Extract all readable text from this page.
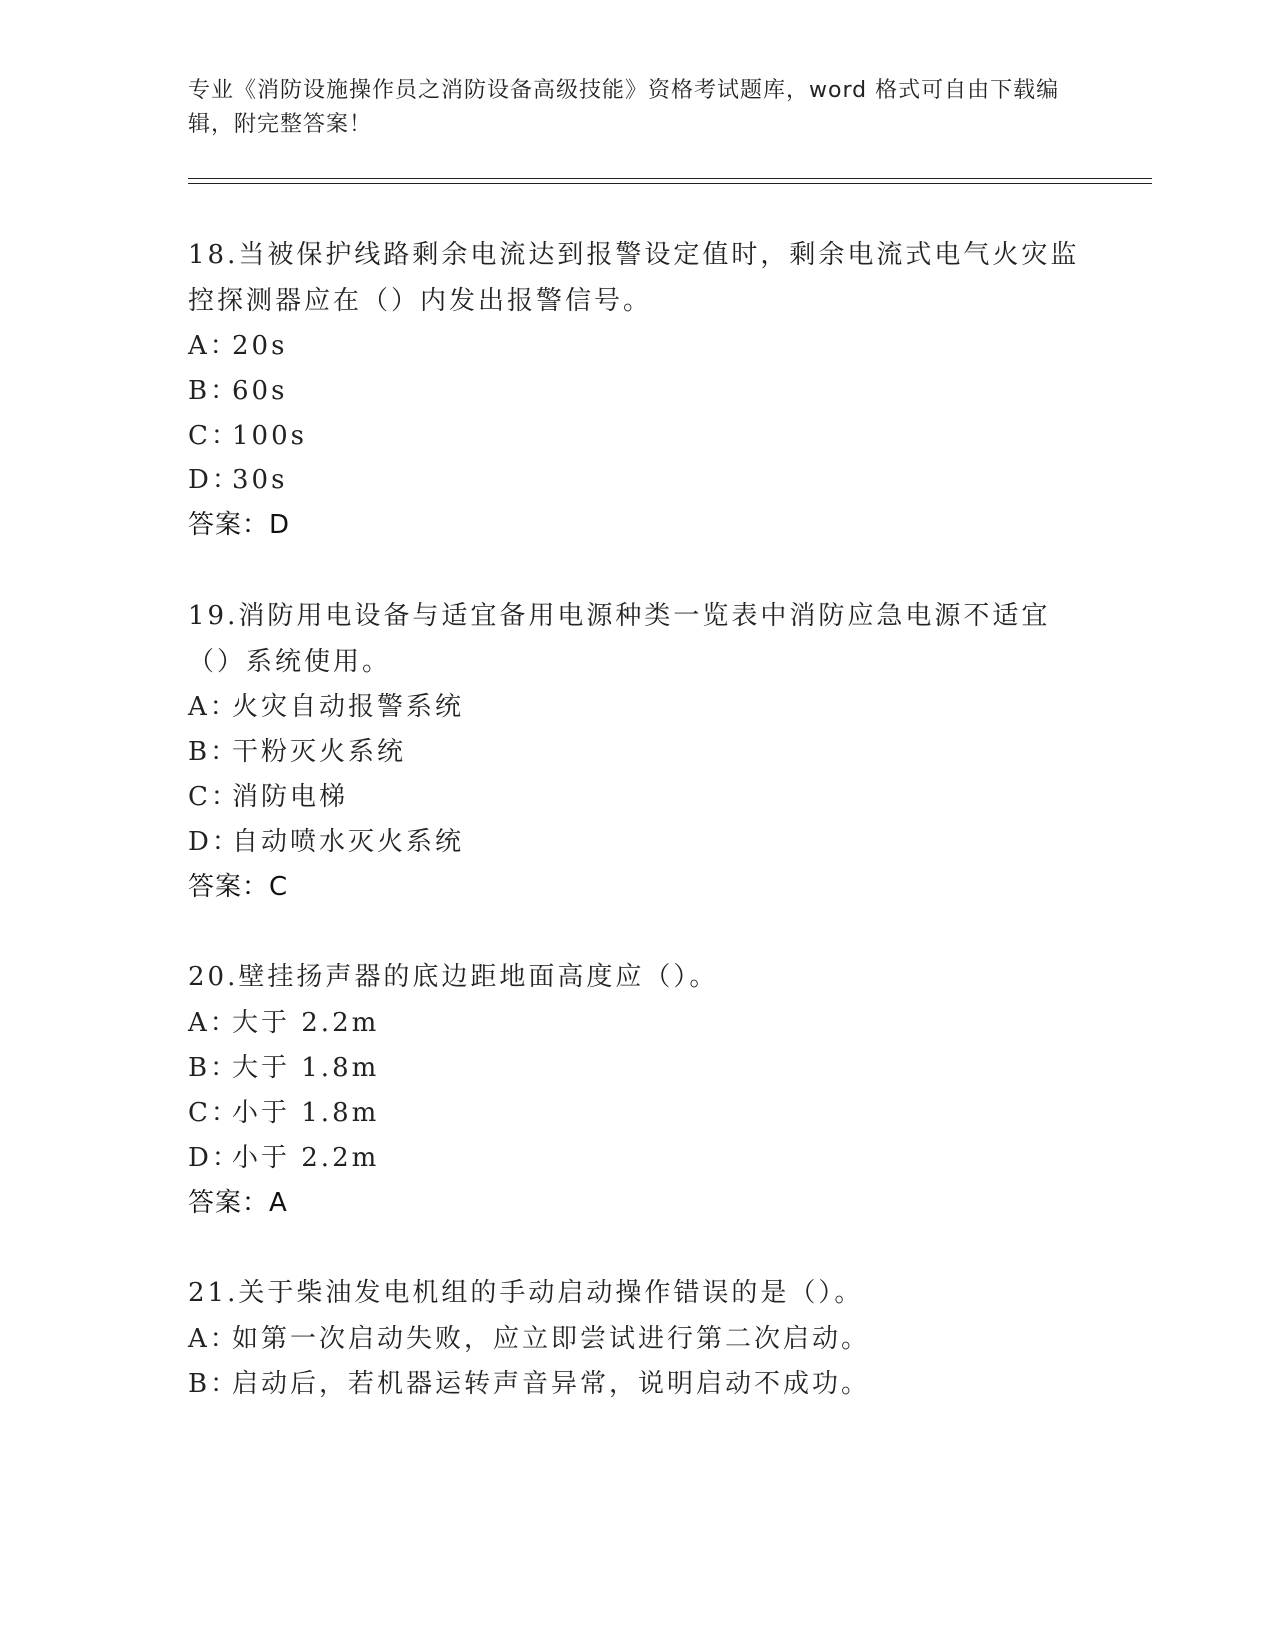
专业《消防设施操作员之消防设备高级技能》资格考试题库，word 格式可自由下载编辑，附完整答案！
18.当被保护线路剩余电流达到报警设定值时，剩余电流式电气火灾监控探测器应在（）内发出报警信号。
A：20s
B：60s
C：100s
D：30s
答案：D
19.消防用电设备与适宜备用电源种类一览表中消防应急电源不适宜（）系统使用。
A：火灾自动报警系统
B：干粉灭火系统
C：消防电梯
D：自动喷水灭火系统
答案：C
20.壁挂扬声器的底边距地面高度应（）。
A：大于 2.2m
B：大于 1.8m
C：小于 1.8m
D：小于 2.2m
答案：A
21.关于柴油发电机组的手动启动操作错误的是（）。
A：如第一次启动失败，应立即尝试进行第二次启动。
B：启动后，若机器运转声音异常，说明启动不成功。
